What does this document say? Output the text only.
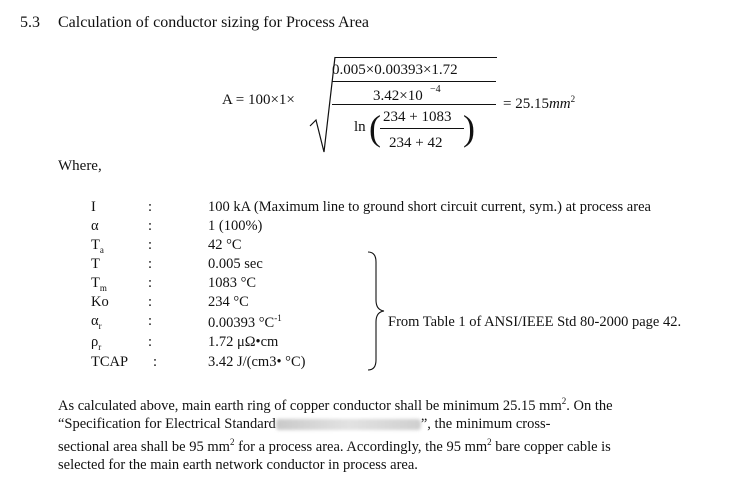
5.3 Calculation of conductor sizing for Process Area
A = 100×1×
0.005×0.00393×1.72
3.42×10 −4
ln ( 234 + 1083
234 + 42 )
= $25.15mm^2$
Where,
I	:	100 kA (Maximum line to ground short circuit current, sym.) at process area
α	:	1 (100%)
$T_a$	:	42 °C
T	:	0.005 sec
$T_m$	:	1083 °C
Ko	:	234 °C
$\alpha_r$	:	0.00393 $^\circ C^{-1}$
$\rho_r$	:	1.72 μΩ•cm
TCAP :	3.42 J/(cm3• °C)
From Table 1 of ANSI/IEEE Std 80-2000 page 42.
As calculated above, main earth ring of copper conductor shall be minimum 25.15 $mm^2$. On the
“Specification for Electrical Standard	”, the minimum cross-
sectional area shall be 95 $mm^2$ for a process area. Accordingly, the 95 $mm^2$ bare copper cable is
selected for the main earth network conductor in process area.
